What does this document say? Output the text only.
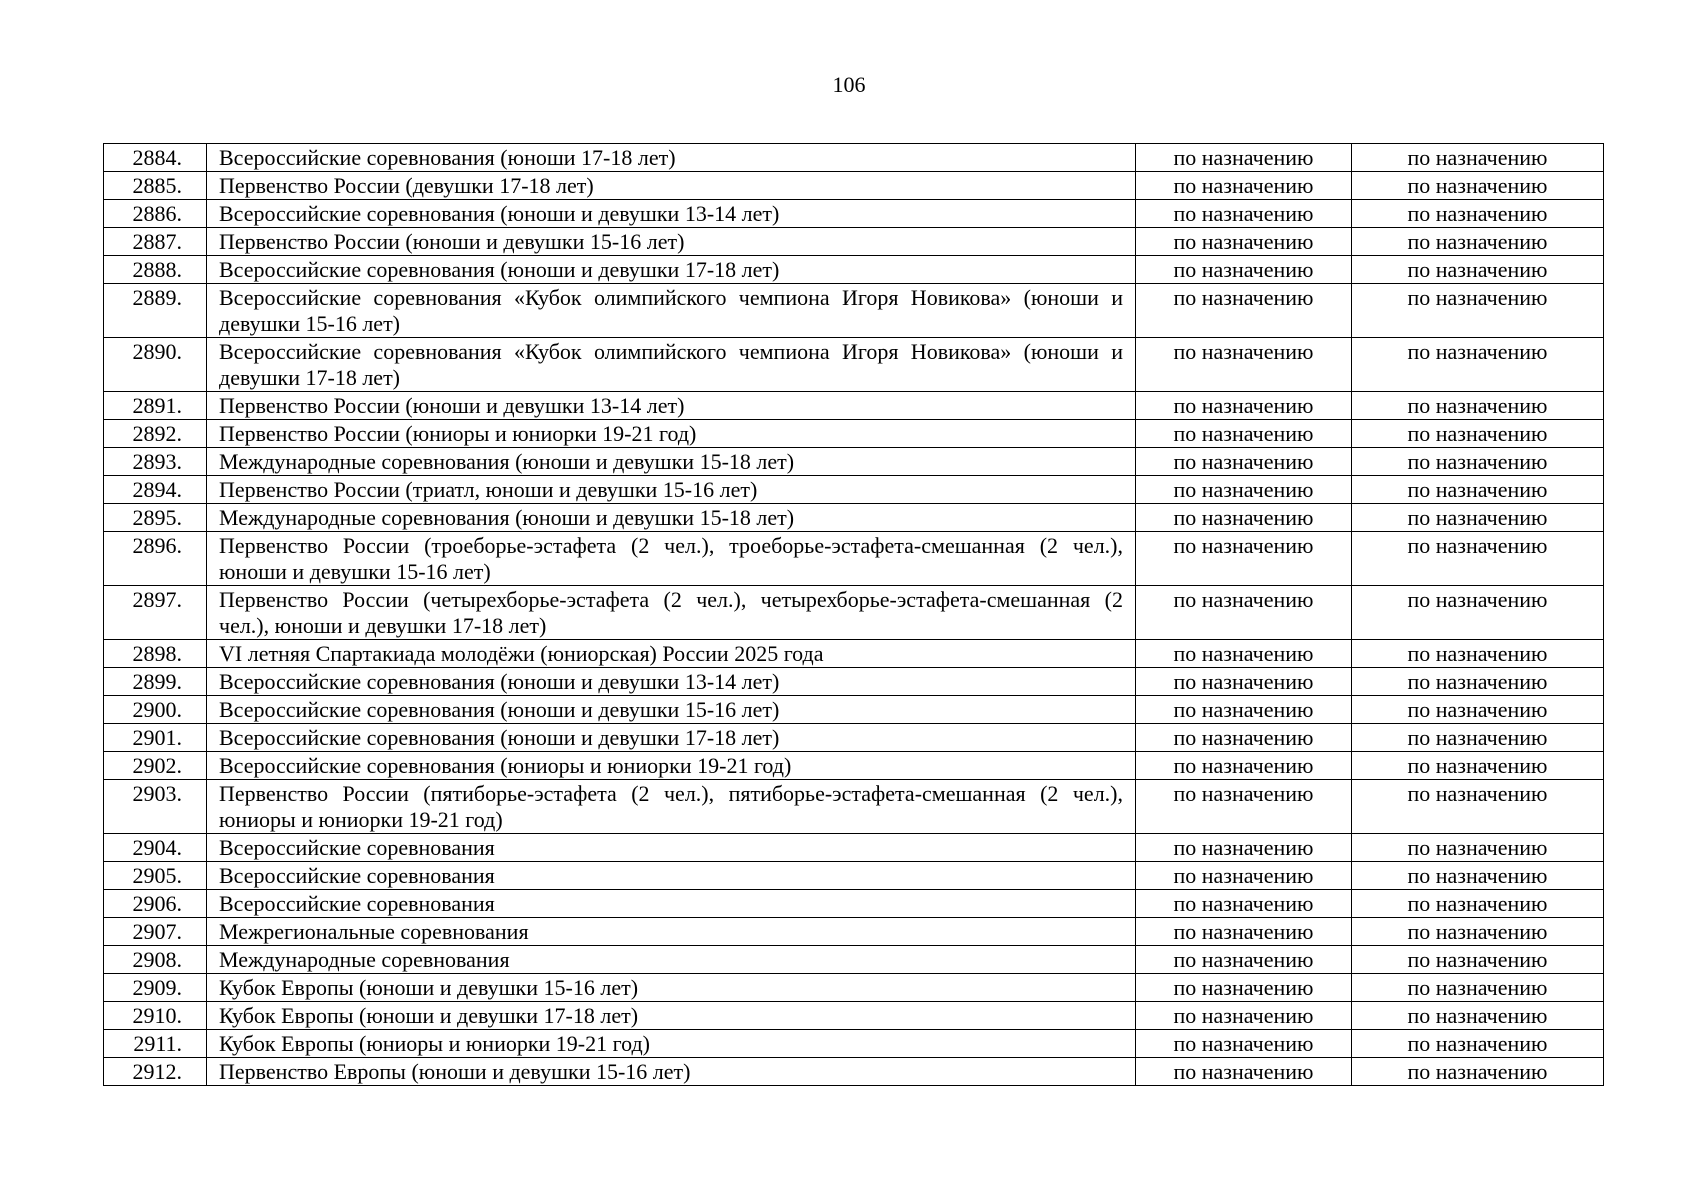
106
2884.	Всероссийские соревнования (юноши 17-18 лет)	по назначению	по назначению
2885.	Первенство России (девушки 17-18 лет)	по назначению	по назначению
2886.	Всероссийские соревнования (юноши и девушки 13-14 лет)	по назначению	по назначению
2887.	Первенство России (юноши и девушки 15-16 лет)	по назначению	по назначению
2888.	Всероссийские соревнования (юноши и девушки 17-18 лет)	по назначению	по назначению
2889.	Всероссийские соревнования «Кубок олимпийского чемпиона Игоря Новикова» (юноши и девушки 15-16 лет)	по назначению	по назначению
2890.	Всероссийские соревнования «Кубок олимпийского чемпиона Игоря Новикова» (юноши и девушки 17-18 лет)	по назначению	по назначению
2891.	Первенство России (юноши и девушки 13-14 лет)	по назначению	по назначению
2892.	Первенство России (юниоры и юниорки 19-21 год)	по назначению	по назначению
2893.	Международные соревнования (юноши и девушки 15-18 лет)	по назначению	по назначению
2894.	Первенство России (триатл, юноши и девушки 15-16 лет)	по назначению	по назначению
2895.	Международные соревнования (юноши и девушки 15-18 лет)	по назначению	по назначению
2896.	Первенство России (троеборье-эстафета (2 чел.), троеборье-эстафета-смешанная (2 чел.), юноши и девушки 15-16 лет)	по назначению	по назначению
2897.	Первенство России (четырехборье-эстафета (2 чел.), четырехборье-эстафета-смешанная (2 чел.), юноши и девушки 17-18 лет)	по назначению	по назначению
2898.	VI летняя Спартакиада молодёжи (юниорская) России 2025 года	по назначению	по назначению
2899.	Всероссийские соревнования (юноши и девушки 13-14 лет)	по назначению	по назначению
2900.	Всероссийские соревнования (юноши и девушки 15-16 лет)	по назначению	по назначению
2901.	Всероссийские соревнования (юноши и девушки 17-18 лет)	по назначению	по назначению
2902.	Всероссийские соревнования (юниоры и юниорки 19-21 год)	по назначению	по назначению
2903.	Первенство России (пятиборье-эстафета (2 чел.), пятиборье-эстафета-смешанная (2 чел.), юниоры и юниорки 19-21 год)	по назначению	по назначению
2904.	Всероссийские соревнования	по назначению	по назначению
2905.	Всероссийские соревнования	по назначению	по назначению
2906.	Всероссийские соревнования	по назначению	по назначению
2907.	Межрегиональные соревнования	по назначению	по назначению
2908.	Международные соревнования	по назначению	по назначению
2909.	Кубок Европы (юноши и девушки 15-16 лет)	по назначению	по назначению
2910.	Кубок Европы (юноши и девушки 17-18 лет)	по назначению	по назначению
2911.	Кубок Европы (юниоры и юниорки 19-21 год)	по назначению	по назначению
2912.	Первенство Европы (юноши и девушки 15-16 лет)	по назначению	по назначению
